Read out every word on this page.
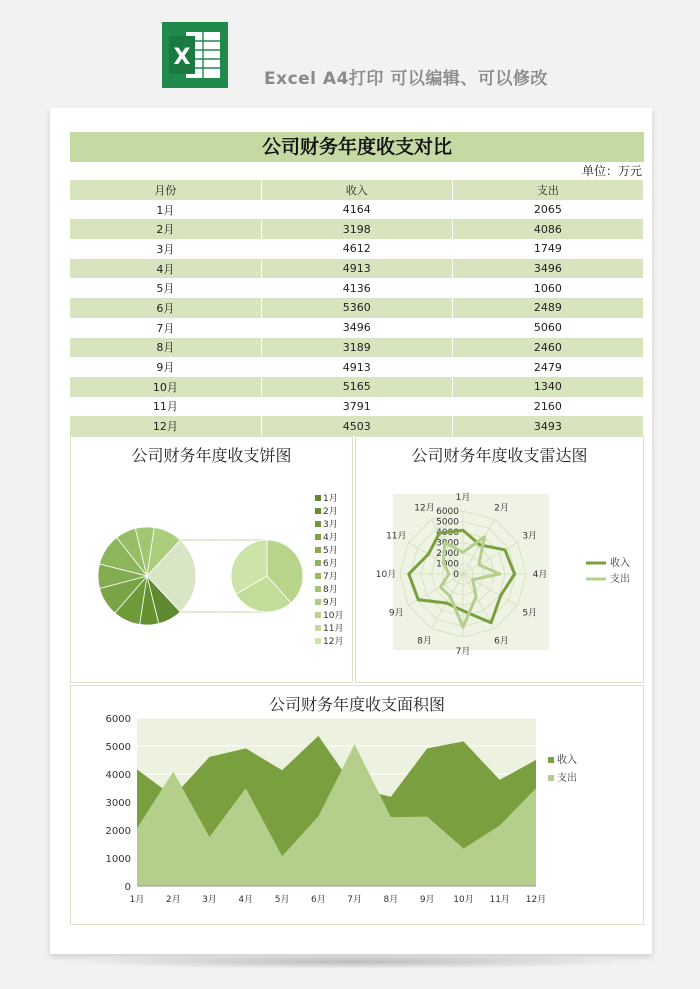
X
Excel A4打印 可以编辑、可以修改
公司财务年度收支对比
单位：万元
月份	收入	支出
1月	4164	2065
2月	3198	4086
3月	4612	1749
4月	4913	3496
5月	4136	1060
6月	5360	2489
7月	3496	5060
8月	3189	2460
9月	4913	2479
10月	5165	1340
11月	3791	2160
12月	4503	3493
公司财务年度收支饼图
1月
2月
3月
4月
5月
6月
7月
8月
9月
10月
11月
12月
公司财务年度收支雷达图
1月
2月
3月
4月
5月
6月
7月
8月
9月
10月
11月
12月
0
1000
2000
3000
4000
5000
6000
收入
支出
公司财务年度收支面积图
0
1000
2000
3000
4000
5000
6000
收入
支出
1月 2月 3月 4月 5月 6月 7月 8月 9月 10月 11月 12月
